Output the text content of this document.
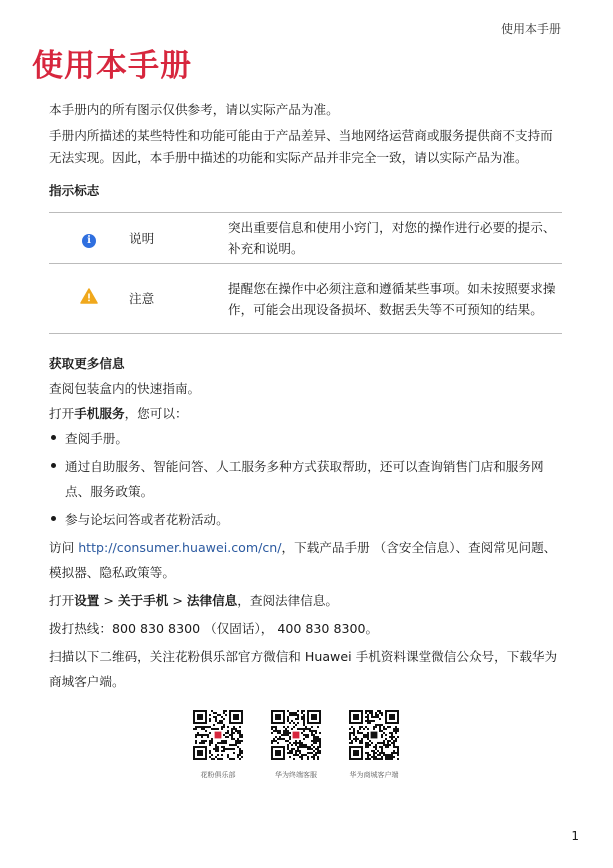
使用本手册
使用本手册

本手册内的所有图示仅供参考，请以实际产品为准。

手册内所描述的某些特性和功能可能由于产品差异、当地网络运营商或服务提供商不支持而无法实现。因此，本手册中描述的功能和实际产品并非完全一致，请以实际产品为准。

指示标志
i	说明	突出重要信息和使用小窍门，对您的操作进行必要的提示、补充和说明。
	注意	提醒您在操作中必须注意和遵循某些事项。如未按照要求操作，可能会出现设备损坏、数据丢失等不可预知的结果。
获取更多信息
查阅包装盒内的快速指南。
打开手机服务，您可以：
查阅手册。
通过自助服务、智能问答、人工服务多种方式获取帮助，还可以查询销售门店和服务网点、服务政策。
参与论坛问答或者花粉活动。
访问 http://consumer.huawei.com/cn/，下载产品手册 （含安全信息）、查阅常见问题、模拟器、隐私政策等。
打开设置 > 关于手机 > 法律信息，查阅法律信息。
拨打热线：800 830 8300 （仅固话）， 400 830 8300。
扫描以下二维码，关注花粉俱乐部官方微信和 Huawei 手机资料课堂微信公众号，下载华为商城客户端。
花粉俱乐部	华为终端客服	华为商城客户端
1
